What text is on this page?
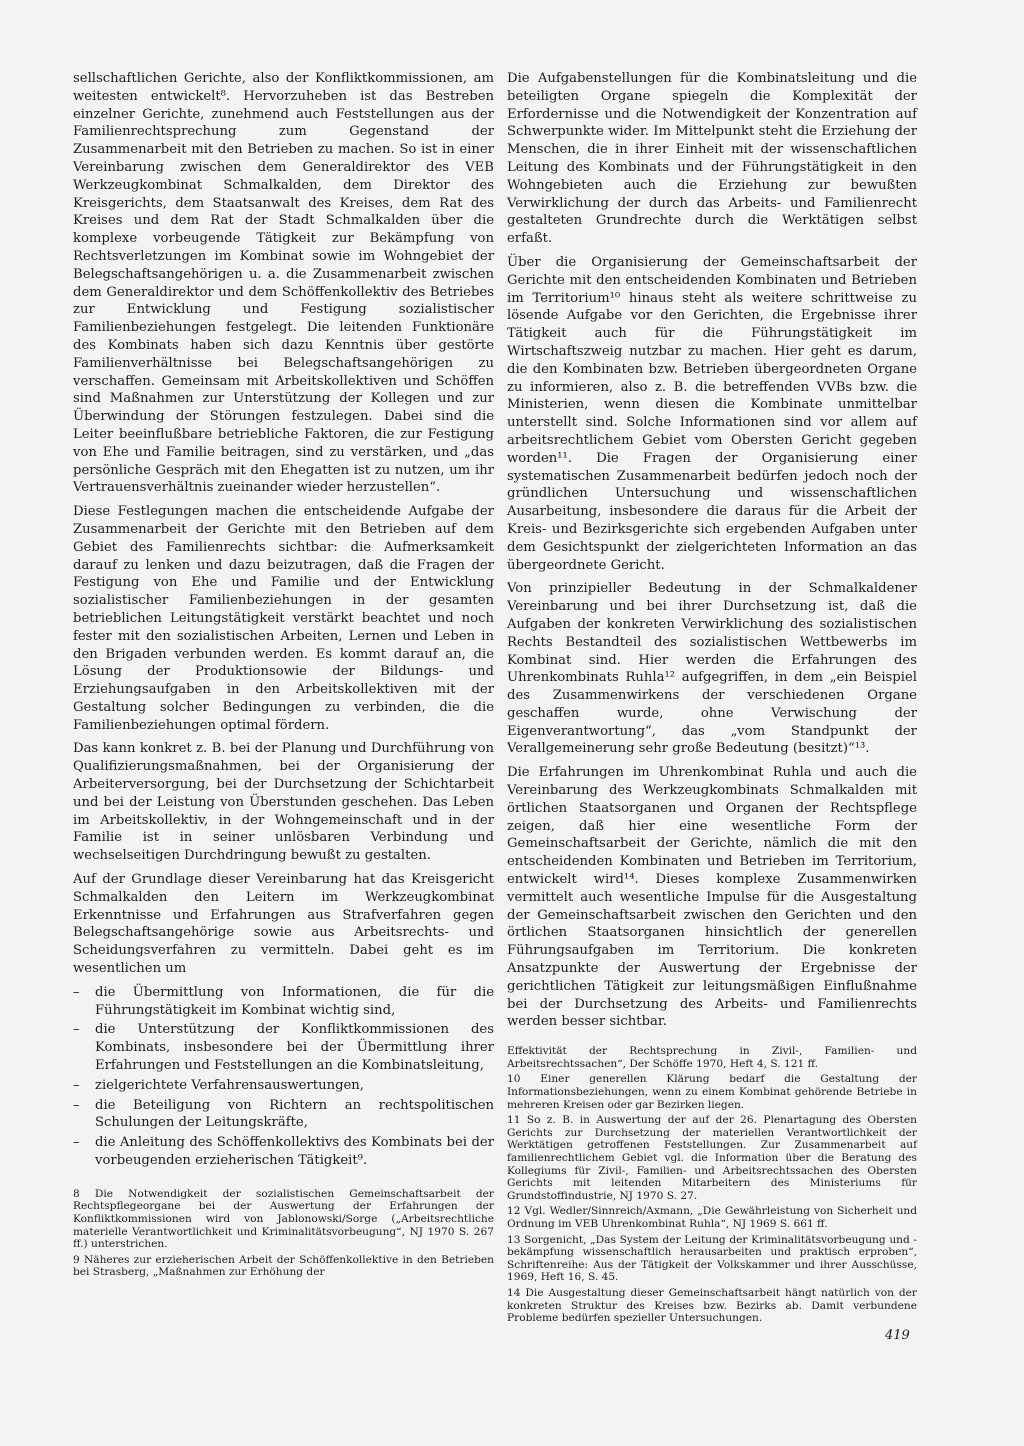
sellschaftlichen Gerichte, also der Konfliktkommissionen, am weitesten entwickelt⁸. Hervorzuheben ist das Bestreben einzelner Gerichte, zunehmend auch Feststellungen aus der Familienrechtsprechung zum Gegenstand der Zusammenarbeit mit den Betrieben zu machen. So ist in einer Vereinbarung zwischen dem Generaldirektor des VEB Werkzeugkombinat Schmalkalden, dem Direktor des Kreisgerichts, dem Staatsanwalt des Kreises, dem Rat des Kreises und dem Rat der Stadt Schmalkalden über die komplexe vorbeugende Tätigkeit zur Bekämpfung von Rechtsverletzungen im Kombinat sowie im Wohngebiet der Belegschaftsangehörigen u. a. die Zusammenarbeit zwischen dem Generaldirektor und dem Schöffenkollektiv des Betriebes zur Entwicklung und Festigung sozialistischer Familienbeziehungen festgelegt. Die leitenden Funktionäre des Kombinats haben sich dazu Kenntnis über gestörte Familienverhältnisse bei Belegschaftsangehörigen zu verschaffen. Gemeinsam mit Arbeitskollektiven und Schöffen sind Maßnahmen zur Unterstützung der Kollegen und zur Überwindung der Störungen festzulegen. Dabei sind die Leiter beeinflußbare betriebliche Faktoren, die zur Festigung von Ehe und Familie beitragen, sind zu verstärken, und „das persönliche Gespräch mit den Ehegatten ist zu nutzen, um ihr Vertrauensverhältnis zueinander wieder herzustellen“.

Diese Festlegungen machen die entscheidende Aufgabe der Zusammenarbeit der Gerichte mit den Betrieben auf dem Gebiet des Familienrechts sichtbar: die Aufmerksamkeit darauf zu lenken und dazu beizutragen, daß die Fragen der Festigung von Ehe und Familie und der Entwicklung sozialistischer Familienbeziehungen in der gesamten betrieblichen Leitungstätigkeit verstärkt beachtet und noch fester mit den sozialistischen Arbeiten, Lernen und Leben in den Brigaden verbunden werden. Es kommt darauf an, die Lösung der Produktionsowie der Bildungs- und Erziehungsaufgaben in den Arbeitskollektiven mit der Gestaltung solcher Bedingungen zu verbinden, die die Familienbeziehungen optimal fördern.

Das kann konkret z. B. bei der Planung und Durchführung von Qualifizierungsmaßnahmen, bei der Organisierung der Arbeiterversorgung, bei der Durchsetzung der Schichtarbeit und bei der Leistung von Überstunden geschehen. Das Leben im Arbeitskollektiv, in der Wohngemeinschaft und in der Familie ist in seiner unlösbaren Verbindung und wechselseitigen Durchdringung bewußt zu gestalten.

Auf der Grundlage dieser Vereinbarung hat das Kreisgericht Schmalkalden den Leitern im Werkzeugkombinat Erkenntnisse und Erfahrungen aus Strafverfahren gegen Belegschaftsangehörige sowie aus Arbeitsrechts- und Scheidungsverfahren zu vermitteln. Dabei geht es im wesentlichen um

–	die Übermittlung von Informationen, die für die Führungstätigkeit im Kombinat wichtig sind,
–	die Unterstützung der Konfliktkommissionen des Kombinats, insbesondere bei der Übermittlung ihrer Erfahrungen und Feststellungen an die Kombinatsleitung,
–	zielgerichtete Verfahrensauswertungen,
–	die Beteiligung von Richtern an rechtspolitischen Schulungen der Leitungskräfte,
–	die Anleitung des Schöffenkollektivs des Kombinats bei der vorbeugenden erzieherischen Tätigkeit⁹.

8 Die Notwendigkeit der sozialistischen Gemeinschaftsarbeit der Rechtspflegeorgane bei der Auswertung der Erfahrungen der Konfliktkommissionen wird von Jablonowski/Sorge („Arbeitsrechtliche materielle Verantwortlichkeit und Kriminalitätsvorbeugung“, NJ 1970 S. 267 ff.) unterstrichen.

9 Näheres zur erzieherischen Arbeit der Schöffenkollektive in den Betrieben bei Strasberg, „Maßnahmen zur Erhöhung der

Die Aufgabenstellungen für die Kombinatsleitung und die beteiligten Organe spiegeln die Komplexität der Erfordernisse und die Notwendigkeit der Konzentration auf Schwerpunkte wider. Im Mittelpunkt steht die Erziehung der Menschen, die in ihrer Einheit mit der wissenschaftlichen Leitung des Kombinats und der Führungstätigkeit in den Wohngebieten auch die Erziehung zur bewußten Verwirklichung der durch das Arbeits- und Familienrecht gestalteten Grundrechte durch die Werktätigen selbst erfaßt.

Über die Organisierung der Gemeinschaftsarbeit der Gerichte mit den entscheidenden Kombinaten und Betrieben im Territorium¹⁰ hinaus steht als weitere schrittweise zu lösende Aufgabe vor den Gerichten, die Ergebnisse ihrer Tätigkeit auch für die Führungstätigkeit im Wirtschaftszweig nutzbar zu machen. Hier geht es darum, die den Kombinaten bzw. Betrieben übergeordneten Organe zu informieren, also z. B. die betreffenden VVBs bzw. die Ministerien, wenn diesen die Kombinate unmittelbar unterstellt sind. Solche Informationen sind vor allem auf arbeitsrechtlichem Gebiet vom Obersten Gericht gegeben worden¹¹. Die Fragen der Organisierung einer systematischen Zusammenarbeit bedürfen jedoch noch der gründlichen Untersuchung und wissenschaftlichen Ausarbeitung, insbesondere die daraus für die Arbeit der Kreis- und Bezirksgerichte sich ergebenden Aufgaben unter dem Gesichtspunkt der zielgerichteten Information an das übergeordnete Gericht.

Von prinzipieller Bedeutung in der Schmalkaldener Vereinbarung und bei ihrer Durchsetzung ist, daß die Aufgaben der konkreten Verwirklichung des sozialistischen Rechts Bestandteil des sozialistischen Wettbewerbs im Kombinat sind. Hier werden die Erfahrungen des Uhrenkombinats Ruhla¹² aufgegriffen, in dem „ein Beispiel des Zusammenwirkens der verschiedenen Organe geschaffen wurde, ohne Verwischung der Eigenverantwortung“, das „vom Standpunkt der Verallgemeinerung sehr große Bedeutung (besitzt)“¹³.

Die Erfahrungen im Uhrenkombinat Ruhla und auch die Vereinbarung des Werkzeugkombinats Schmalkalden mit örtlichen Staatsorganen und Organen der Rechtspflege zeigen, daß hier eine wesentliche Form der Gemeinschaftsarbeit der Gerichte, nämlich die mit den entscheidenden Kombinaten und Betrieben im Territorium, entwickelt wird¹⁴. Dieses komplexe Zusammenwirken vermittelt auch wesentliche Impulse für die Ausgestaltung der Gemeinschaftsarbeit zwischen den Gerichten und den örtlichen Staatsorganen hinsichtlich der generellen Führungsaufgaben im Territorium. Die konkreten Ansatzpunkte der Auswertung der Ergebnisse der gerichtlichen Tätigkeit zur leitungsmäßigen Einflußnahme bei der Durchsetzung des Arbeits- und Familienrechts werden besser sichtbar.

Effektivität der Rechtsprechung in Zivil-, Familien- und Arbeitsrechtssachen“, Der Schöffe 1970, Heft 4, S. 121 ff.

10 Einer generellen Klärung bedarf die Gestaltung der Informationsbeziehungen, wenn zu einem Kombinat gehörende Betriebe in mehreren Kreisen oder gar Bezirken liegen.

11 So z. B. in Auswertung der auf der 26. Plenartagung des Obersten Gerichts zur Durchsetzung der materiellen Verantwortlichkeit der Werktätigen getroffenen Feststellungen. Zur Zusammenarbeit auf familienrechtlichem Gebiet vgl. die Information über die Beratung des Kollegiums für Zivil-, Familien- und Arbeitsrechtssachen des Obersten Gerichts mit leitenden Mitarbeitern des Ministeriums für Grundstoffindustrie, NJ 1970 S. 27.

12 Vgl. Wedler/Sinnreich/Axmann, „Die Gewährleistung von Sicherheit und Ordnung im VEB Uhrenkombinat Ruhla“, NJ 1969 S. 661 ff.

13 Sorgenicht, „Das System der Leitung der Kriminalitätsvorbeugung und -bekämpfung wissenschaftlich herausarbeiten und praktisch erproben“, Schriftenreihe: Aus der Tätigkeit der Volkskammer und ihrer Ausschüsse, 1969, Heft 16, S. 45.

14 Die Ausgestaltung dieser Gemeinschaftsarbeit hängt natürlich von der konkreten Struktur des Kreises bzw. Bezirks ab. Damit verbundene Probleme bedürfen spezieller Untersuchungen.

419
